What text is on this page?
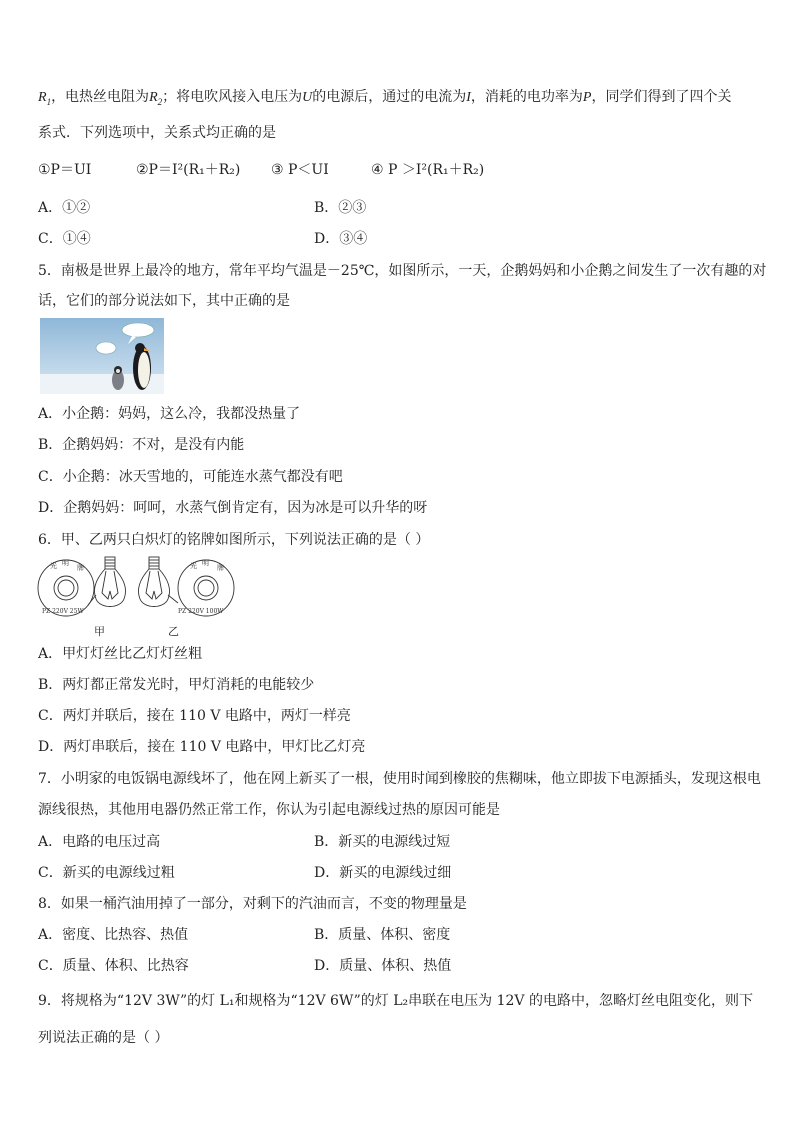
$R_1$，电热丝电阻为$R_2$；将电吹风接入电压为U的电源后，通过的电流为I，消耗的电功率为P，同学们得到了四个关
系式．下列选项中，关系式均正确的是
①P＝UI	②P＝I²(R₁＋R₂) ③ P＜UI	④ P ＞I²(R₁＋R₂)
A．①②	B．②③
C．①④	D．③④
5．南极是世界上最冷的地方，常年平均气温是－25℃，如图所示，一天，企鹅妈妈和小企鹅之间发生了一次有趣的对
话，它们的部分说法如下，其中正确的是
A．小企鹅：妈妈，这么冷，我都没热量了
B．企鹅妈妈：不对，是没有内能
C．小企鹅：冰天雪地的，可能连水蒸气都没有吧
D．企鹅妈妈：呵呵，水蒸气倒肯定有，因为冰是可以升华的呀
6．甲、乙两只白炽灯的铭牌如图所示，下列说法正确的是（ ）
光 明
牌
PZ 220V 25W
光 明
牌
PZ 220V 100W
甲	乙
A．甲灯灯丝比乙灯灯丝粗
B．两灯都正常发光时，甲灯消耗的电能较少
C．两灯并联后，接在 110 V 电路中，两灯一样亮
D．两灯串联后，接在 110 V 电路中，甲灯比乙灯亮
7．小明家的电饭锅电源线坏了，他在网上新买了一根，使用时闻到橡胶的焦糊味，他立即拔下电源插头，发现这根电
源线很热，其他用电器仍然正常工作，你认为引起电源线过热的原因可能是
A．电路的电压过高	B．新买的电源线过短
C．新买的电源线过粗	D．新买的电源线过细
8．如果一桶汽油用掉了一部分，对剩下的汽油而言，不变的物理量是
A．密度、比热容、热值	B．质量、体积、密度
C．质量、体积、比热容	D．质量、体积、热值
9．将规格为“12V 3W”的灯 L₁和规格为“12V 6W”的灯 L₂串联在电压为 12V 的电路中，忽略灯丝电阻变化，则下
列说法正确的是（ ）
